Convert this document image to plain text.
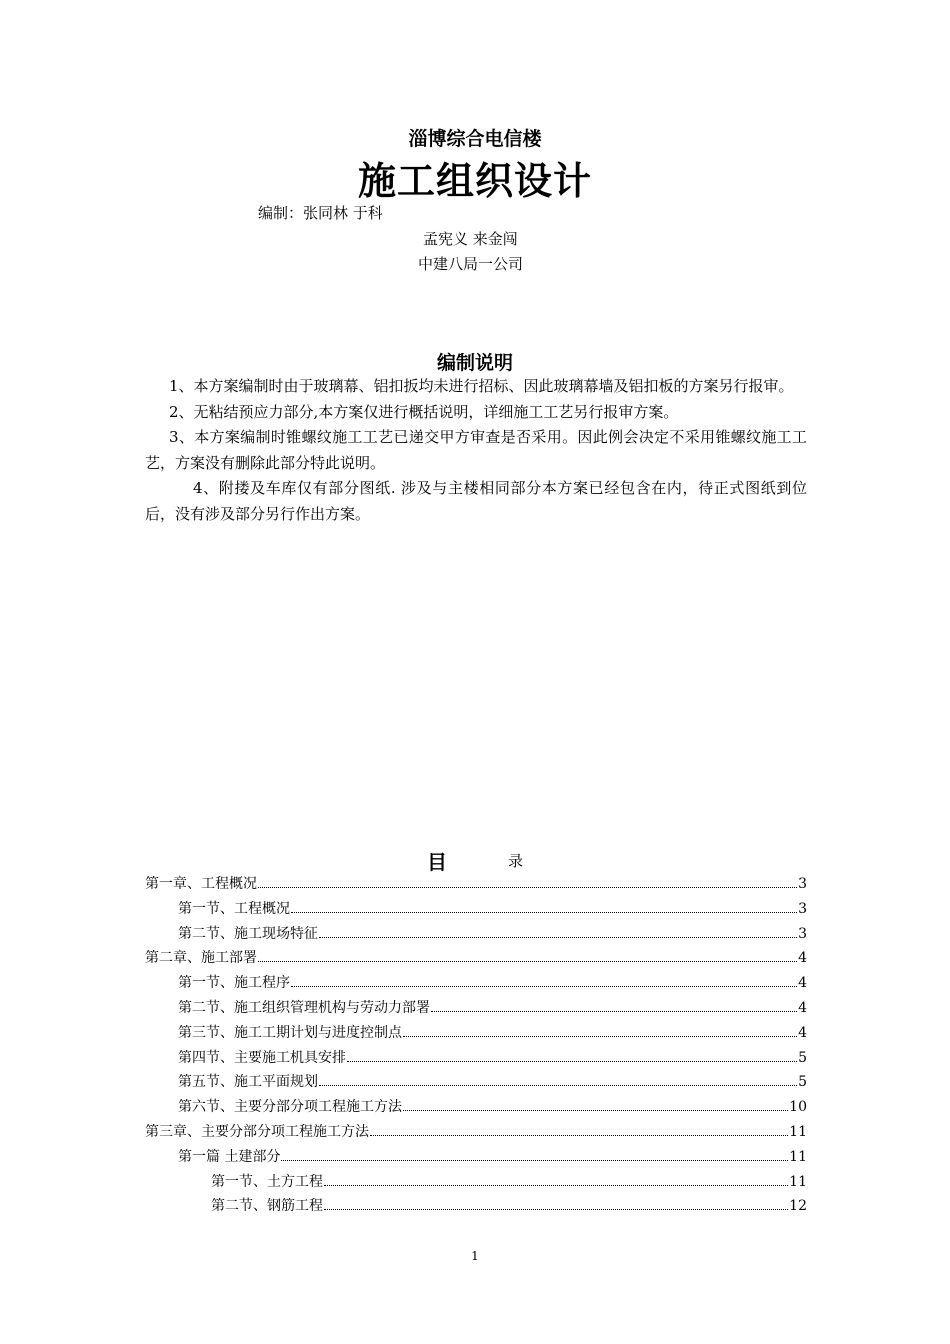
淄博综合电信楼
施工组织设计
编制：张同林 于科
孟宪义 来金闯
中建八局一公司
编制说明

1、本方案编制时由于玻璃幕、铝扣扳均未进行招标、因此玻璃幕墙及铝扣板的方案另行报审。

2、无粘结预应力部分,本方案仅进行概括说明，详细施工工艺另行报审方案。

3、本方案编制时锥螺纹施工工艺已递交甲方审查是否采用。因此例会决定不采用锥螺纹施工工艺，方案没有删除此部分特此说明。

4、附搂及车库仅有部分图纸. 涉及与主楼相同部分本方案已经包含在内，待正式图纸到位后，没有涉及部分另行作出方案。

目	录
第一章、工程概况	3
第一节、工程概况	3
第二节、施工现场特征	3
第二章、施工部署	4
第一节、施工程序	4
第二节、施工组织管理机构与劳动力部署	4
第三节、施工工期计划与进度控制点	4
第四节、主要施工机具安排	5
第五节、施工平面规划	5
第六节、主要分部分项工程施工方法	10
第三章、主要分部分项工程施工方法	11
第一篇 土建部分	11
第一节、土方工程	11
第二节、钢筋工程	12
1
